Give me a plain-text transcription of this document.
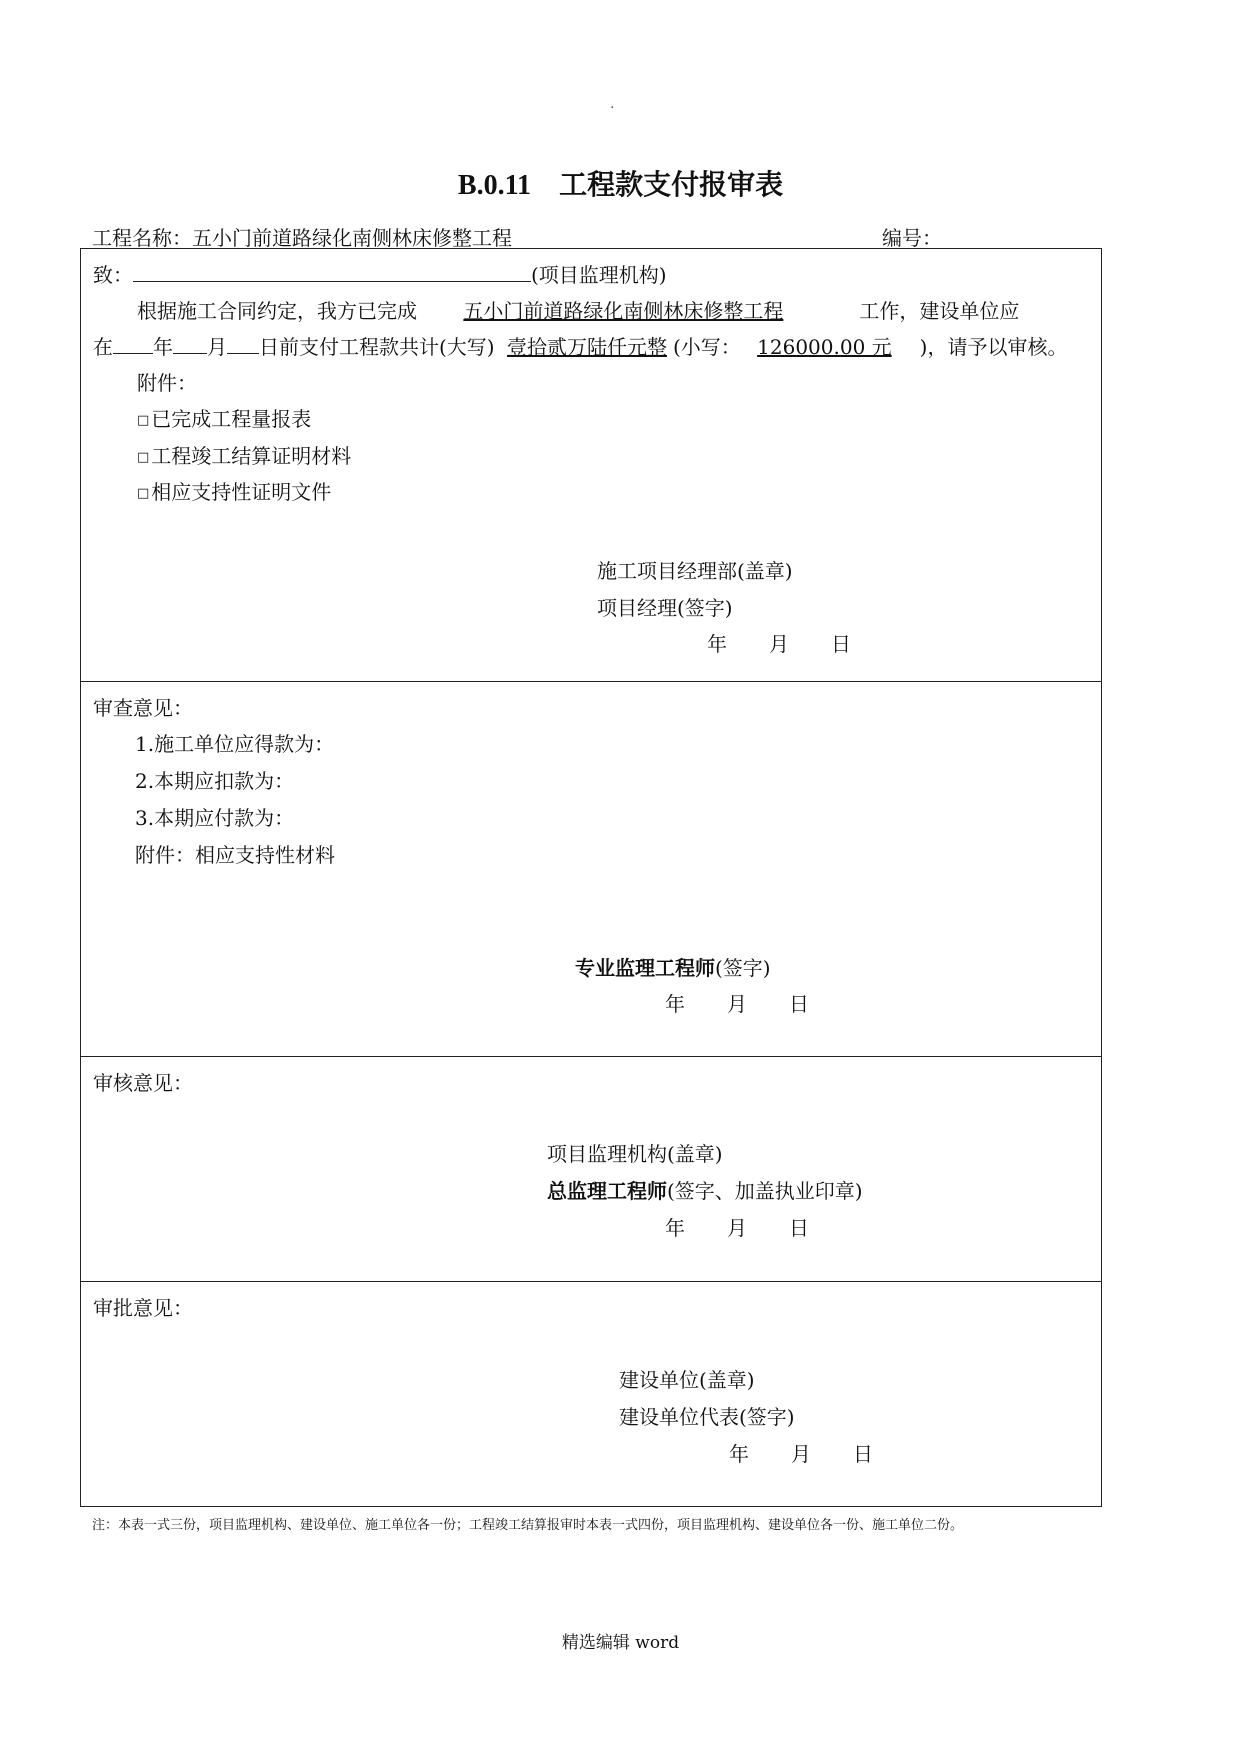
.
B.0.11 工程款支付报审表
工程名称：五小门前道路绿化南侧林床修整工程	编号：
致：	(项目监理机构)
根据施工合同约定，我方已完成 五小门前道路绿化南侧林床修整工程	工作，建设单位应
在 年 月 日前支付工程款共计(大写) 壹拾贰万陆仟元整 (小写： 126000.00 元 )，请予以审核。
附件：
□ 已完成工程量报表
□ 工程竣工结算证明材料
□ 相应支持性证明文件
施工项目经理部(盖章)
项目经理(签字)
年 月 日

审查意见：
1.施工单位应得款为：
2.本期应扣款为：
3.本期应付款为：
附件：相应支持性材料
专业监理工程师(签字)
年 月 日

审核意见：
项目监理机构(盖章)
总监理工程师(签字、加盖执业印章)
年 月 日

审批意见：
建设单位(盖章)
建设单位代表(签字)
年 月 日
注：本表一式三份，项目监理机构、建设单位、施工单位各一份；工程竣工结算报审时本表一式四份，项目监理机构、建设单位各一份、施工单位二份。
精选编辑 word
